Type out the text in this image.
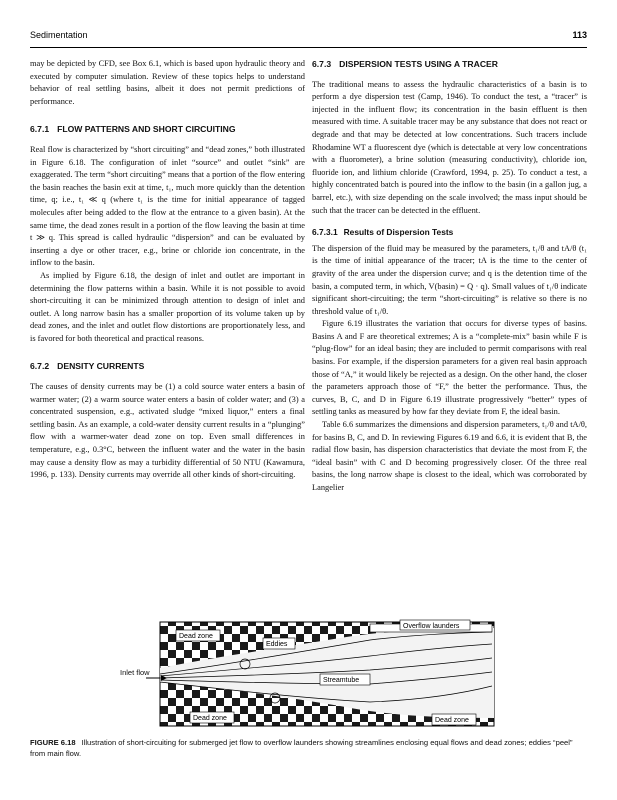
Sedimentation	113

may be depicted by CFD, see Box 6.1, which is based upon hydraulic theory and executed by computer simulation. Review of these topics helps to understand behavior of real settling basins, albeit it does not permit predictions of performance.

6.7.1 FLOW PATTERNS AND SHORT CIRCUITING

Real flow is characterized by “short circuiting” and “dead zones,” both illustrated in Figure 6.18. The configuration of inlet “source” and outlet “sink” are exaggerated. The term “short circuiting” means that a portion of the flow entering the basin reaches the basin exit at time, t₁, much more quickly than the detention time, q; i.e., t₁ ≪ q (where t₁ is the time for initial appearance of tagged molecules after being added to the flow at the entrance to a given basin). At the same time, the dead zones result in a portion of the flow leaving the basin at time t ≫ q. This spread is called hydraulic “dispersion” and can be evaluated by inserting a dye or other tracer, e.g., brine or chloride ion concentrate, in the inflow to the basin.

As implied by Figure 6.18, the design of inlet and outlet are important in determining the flow patterns within a basin. While it is not possible to avoid short-circuiting it can be minimized through attention to design of inlet and outlet. A long narrow basin has a smaller proportion of its volume taken up by dead zones, and the inlet and outlet flow distortions are proportionately less, and is favored for both theoretical and practical reasons.

6.7.2 DENSITY CURRENTS

The causes of density currents may be (1) a cold source water enters a basin of warmer water; (2) a warm source water enters a basin of colder water; and (3) a concentrated suspension, e.g., activated sludge “mixed liquor,” enters a final settling basin. As an example, a cold-water density current results in a “plunging” flow with a warmer-water dead zone on top. Even small differences in temperature, e.g., 0.3°C, between the influent water and the water in the basin may cause a density flow as may a turbidity differential of 50 NTU (Kawamura, 1996, p. 133). Density currents may override all other kinds of short-circuiting.

6.7.3 DISPERSION TESTS USING A TRACER

The traditional means to assess the hydraulic characteristics of a basin is to perform a dye dispersion test (Camp, 1946). To conduct the test, a “tracer” is injected in the influent flow; its concentration in the basin effluent is then measured with time. A suitable tracer may be any substance that does not react or degrade and that may be detected at low concentrations. Such tracers include Rhodamine WT a fluorescent dye (which is detectable at very low concentrations with a fluorometer), a brine solution (measuring conductivity), chloride ion, fluoride ion, and lithium chloride (Crawford, 1994, p. 25). To conduct a test, a highly concentrated batch is poured into the inflow to the basin (in a gallon jug, a barrel, etc.), with size depending on the scale involved; the mass input should be such that the tracer can be detected in the effluent.

6.7.3.1 Results of Dispersion Tests

The dispersion of the fluid may be measured by the parameters, t₁/θ and tA/θ (t₁ is the time of initial appearance of the tracer; tA is the time to the center of gravity of the area under the dispersion curve; and q is the detention time of the basin, a computed term, in which, V(basin) = Q · q). Small values of t₁/θ indicate significant short-circuiting; the term “short-circuiting” is relative so there is no threshold value of t₁/θ.

Figure 6.19 illustrates the variation that occurs for diverse types of basins. Basins A and F are theoretical extremes; A is a “complete-mix” basin while F is “plug-flow” for an ideal basin; they are included to permit comparisons with real basins. For example, if the dispersion parameters for a given real basin approach those of “A,” it would likely be rejected as a design. On the other hand, the closer the parameters approach those of “F,” the better the performance. Thus, the curves, B, C, and D in Figure 6.19 illustrate progressively “better” types of settling tanks as measured by how far they deviate from F, the ideal basin.

Table 6.6 summarizes the dimensions and dispersion parameters, t₁/θ and tA/θ, for basins B, C, and D. In reviewing Figures 6.19 and 6.6, it is evident that B, the radial flow basin, has dispersion characteristics that deviate the most from F, the “ideal basin” with C and D becoming progressively closer. Of the three real basins, the long narrow shape is closest to the ideal, which was corroborated by Langelier

Inlet flow
Dead zone
Eddies
Overflow launders
Streamtube
Dead zone	Dead zone
FIGURE 6.18 Illustration of short-circuiting for submerged jet flow to overflow launders showing streamlines enclosing equal flows and dead zones; eddies “peel” from main flow.
